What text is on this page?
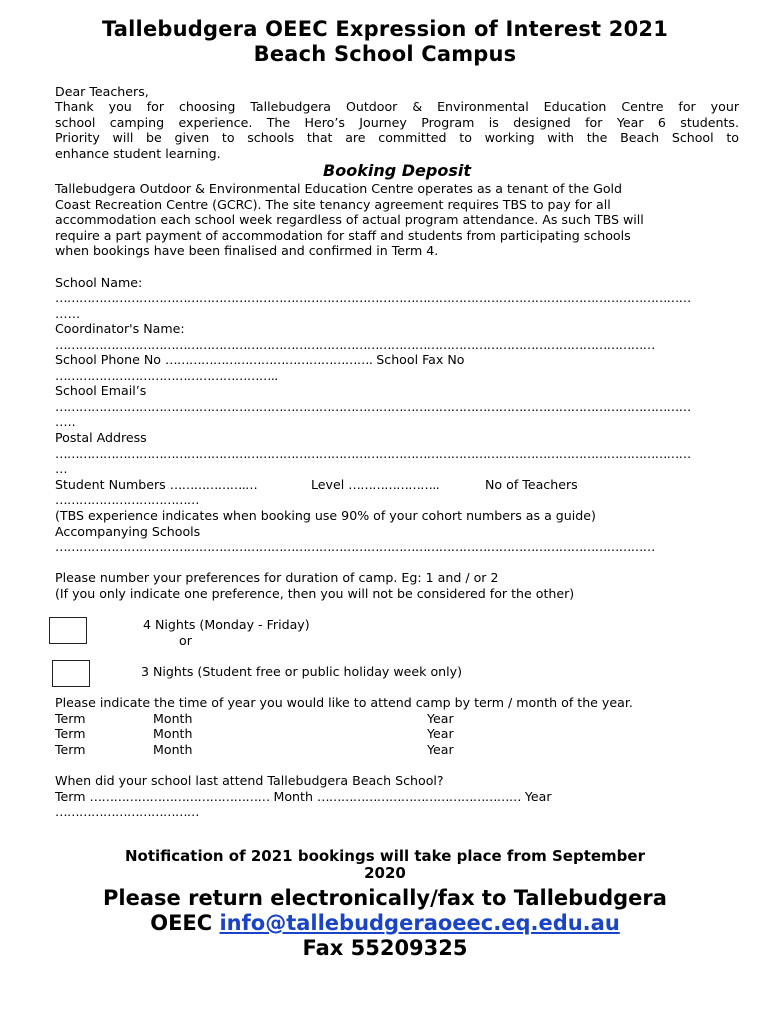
Tallebudgera OEEC Expression of Interest 2021
Beach School Campus
Dear Teachers,
Thank you for choosing Tallebudgera Outdoor & Environmental Education Centre for your
school camping experience. The Hero’s Journey Program is designed for Year 6 students.
Priority will be given to schools that are committed to working with the Beach School to
enhance student learning.
Booking Deposit
Tallebudgera Outdoor & Environmental Education Centre operates as a tenant of the Gold
Coast Recreation Centre (GCRC). The site tenancy agreement requires TBS to pay for all
accommodation each school week regardless of actual program attendance. As such TBS will
require a part payment of accommodation for staff and students from participating schools
when bookings have been finalised and confirmed in Term 4.
School Name:
……………………………………………………………………………………………………………………………………………
……
Coordinator's Name:
……………………………………………………………………………………………………………………………………
School Phone No ……………………………………………. School Fax No
………………………………………………..
School Email’s
……………………………………………………………………………………………………………………………………………
…..
Postal Address
……………………………………………………………………………………………………………………………………………
…
Student Numbers ……………….…	Level …………………..	No of Teachers
………………………………
(TBS experience indicates when booking use 90% of your cohort numbers as a guide)
Accompanying Schools
……………………………………………………………………………………………………………………………………
Please number your preferences for duration of camp. Eg: 1 and / or 2
(If you only indicate one preference, then you will not be considered for the other)
4 Nights (Monday - Friday)
or
3 Nights (Student free or public holiday week only)
Please indicate the time of year you would like to attend camp by term / month of the year.
Term	Month	Year
Term	Month	Year
Term	Month	Year
When did your school last attend Tallebudgera Beach School?
Term ……………………………………… Month …………………………………………… Year
………………………………
Notification of 2021 bookings will take place from September
2020
Please return electronically/fax to Tallebudgera
OEEC info@tallebudgeraoeec.eq.edu.au
Fax 55209325
